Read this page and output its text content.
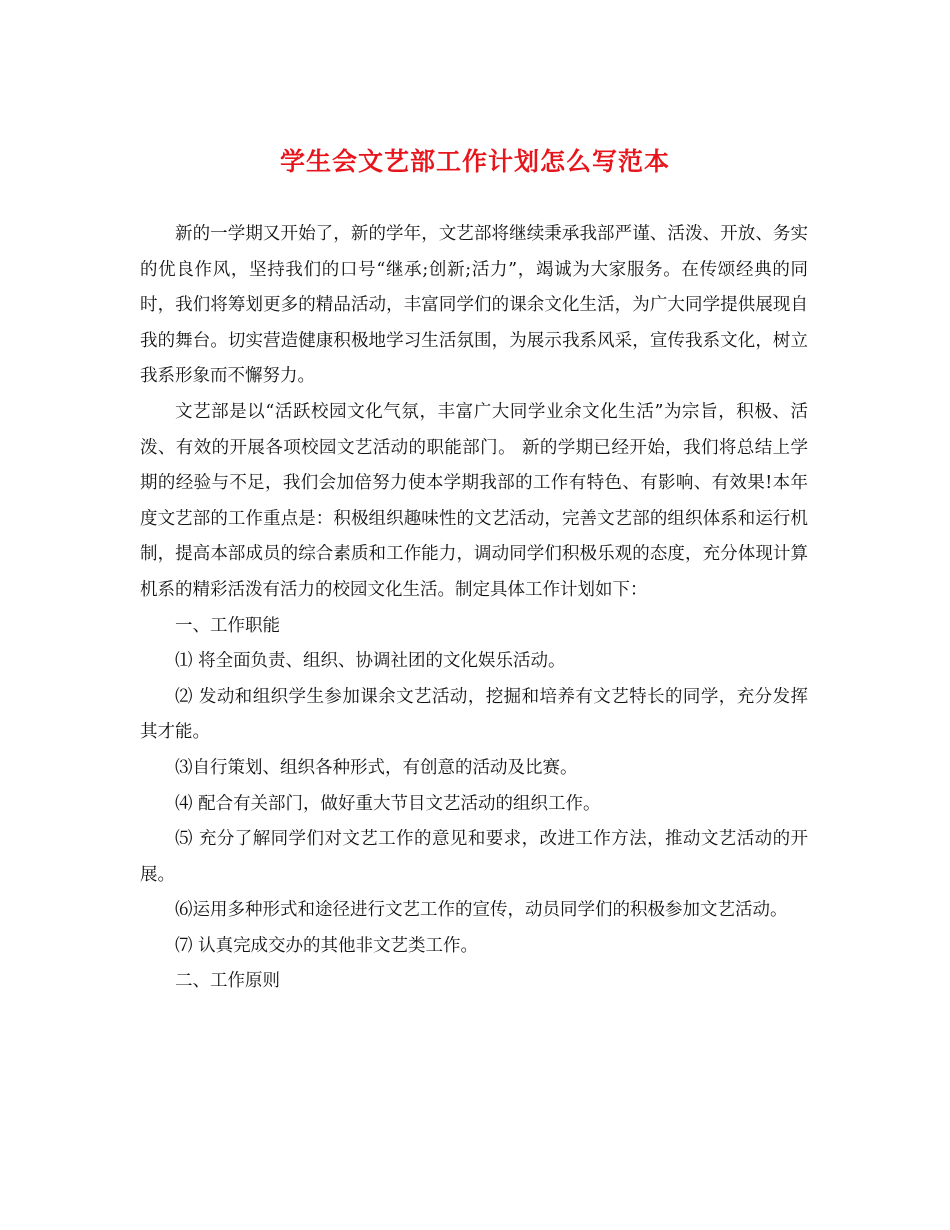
学生会文艺部工作计划怎么写范本

新的一学期又开始了，新的学年，文艺部将继续秉承我部严谨、活泼、开放、务实的优良作风，坚持我们的口号“继承;创新;活力”，竭诚为大家服务。在传颂经典的同时，我们将筹划更多的精品活动，丰富同学们的课余文化生活，为广大同学提供展现自我的舞台。切实营造健康积极地学习生活氛围，为展示我系风采，宣传我系文化，树立我系形象而不懈努力。

文艺部是以“活跃校园文化气氛，丰富广大同学业余文化生活”为宗旨，积极、活泼、有效的开展各项校园文艺活动的职能部门。 新的学期已经开始，我们将总结上学期的经验与不足，我们会加倍努力使本学期我部的工作有特色、有影响、有效果!本年度文艺部的工作重点是：积极组织趣味性的文艺活动，完善文艺部的组织体系和运行机制，提高本部成员的综合素质和工作能力，调动同学们积极乐观的态度，充分体现计算机系的精彩活泼有活力的校园文化生活。制定具体工作计划如下：

一、工作职能

⑴ 将全面负责、组织、协调社团的文化娱乐活动。

⑵ 发动和组织学生参加课余文艺活动，挖掘和培养有文艺特长的同学，充分发挥其才能。

⑶自行策划、组织各种形式，有创意的活动及比赛。

⑷ 配合有关部门，做好重大节目文艺活动的组织工作。

⑸ 充分了解同学们对文艺工作的意见和要求，改进工作方法，推动文艺活动的开展。

⑹运用多种形式和途径进行文艺工作的宣传，动员同学们的积极参加文艺活动。

⑺ 认真完成交办的其他非文艺类工作。

二、工作原则
